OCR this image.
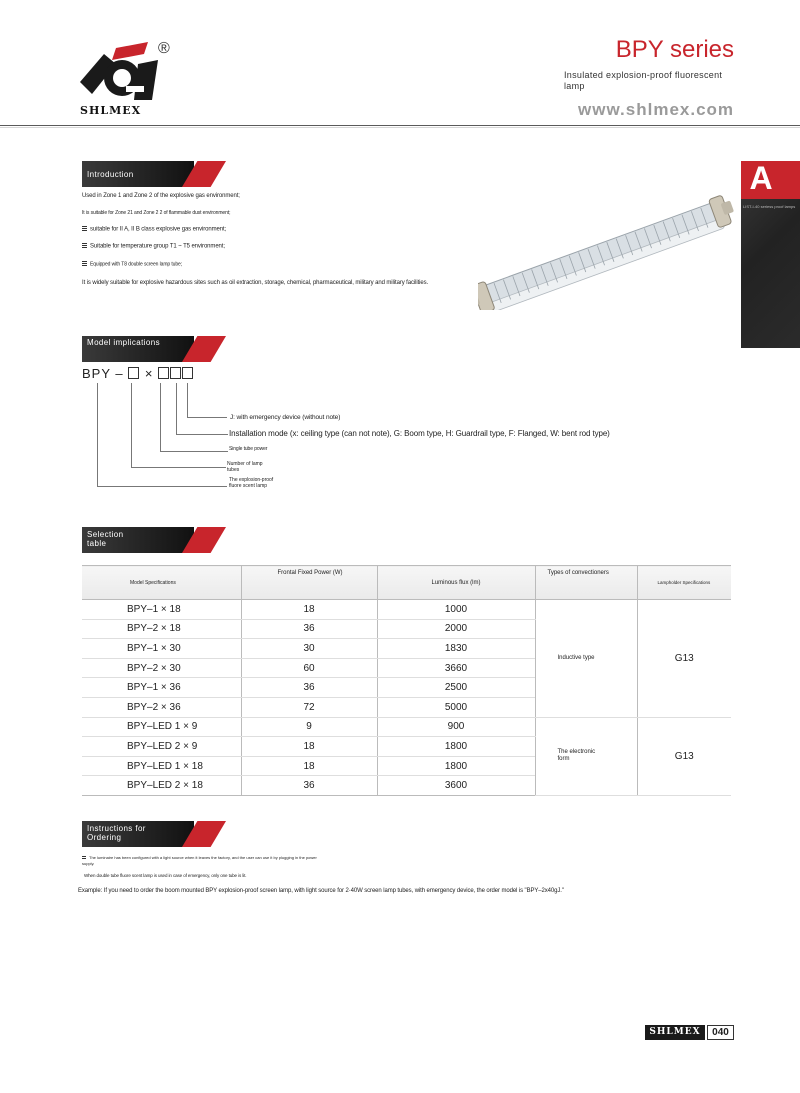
SHLMEX
®	BPY series
Insulated explosion-proof fluorescent lamp
www.shlmex.com
A
LIST-I-40 seriess proof lamps
Introduction
Used in Zone 1 and Zone 2 of the explosive gas environment;
It is suitable for Zone 21 and Zone 2 2 of flammable dust environment;
suitable for II A, II B class explosive gas environment;
Suitable for temperature group T1 ~ T5 environment;
Equipped with T8 double screen lamp tube;
It is widely suitable for explosive hazardous sites such as oil extraction, storage, chemical, pharmaceutical, military and military facilities.
Model implications
BPY – ×
J: with emergency device (without note)
Installation mode (x: ceiling type (can not note), G: Boom type, H: Guardrail type, F: Flanged, W: bent rod type)
Single tube power
Number of lamp tubes
The explosion-proof fluore scent lamp
Selection
table
Model Specifications	Frontal Fixed Power (W)	Luminous flux (lm)	Types of convectioners	Lampholder Specifications
BPY–1 × 18	18	1000	Inductive type	G13
BPY–2 × 18	36	2000		
BPY–1 × 30	30	1830		
BPY–2 × 30	60	3660		
BPY–1 × 36	36	2500		
BPY–2 × 36	72	5000		
BPY–LED 1 × 9	9	900	The electronic form	G13
BPY–LED 2 × 9	18	1800		
BPY–LED 1 × 18	18	1800		
BPY–LED 2 × 18	36	3600		
Instructions for
Ordering
The luminaire has been configured with a light source when it leaves the factory, and the user can use it by plugging in the power supply.
When double tube fluore scent lamp is used in case of emergency, only one tube is lit.
Example: If you need to order the boom mounted BPY explosion-proof screen lamp, with light source for 2·40W screen lamp tubes, with emergency device, the order model is "BPY–2x40gJ."
SHLMEX	040
